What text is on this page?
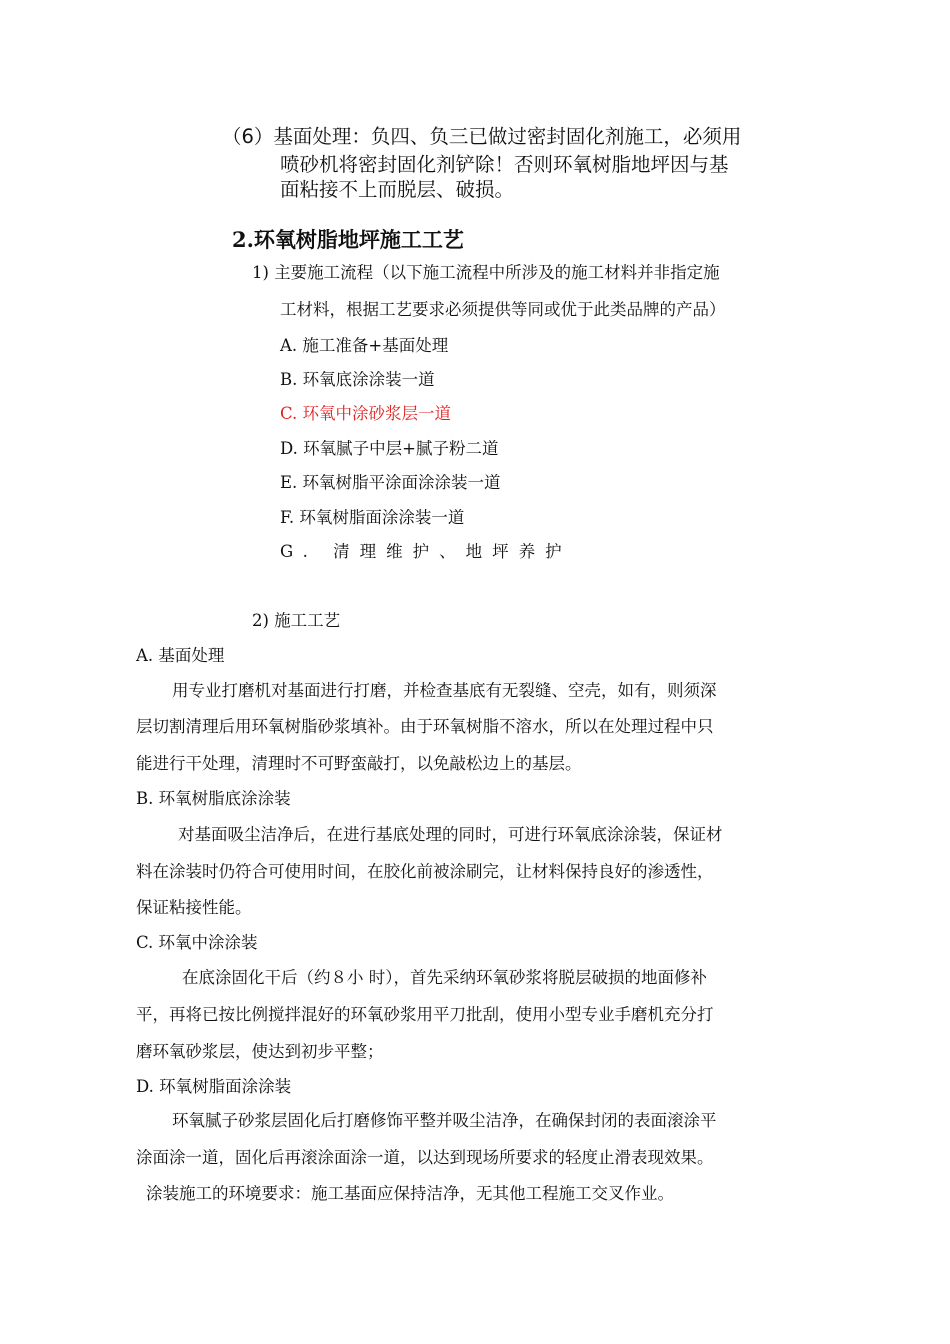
（6）基面处理：负四、负三已做过密封固化剂施工，必须用
喷砂机将密封固化剂铲除！否则环氧树脂地坪因与基
面粘接不上而脱层、破损。
2.环氧树脂地坪施工工艺
1) 主要施工流程（以下施工流程中所涉及的施工材料并非指定施
工材料，根据工艺要求必须提供等同或优于此类品牌的产品）
A. 施工准备+基面处理
B. 环氧底涂涂装一道
C. 环氧中涂砂浆层一道
D. 环氧腻子中层+腻子粉二道
E. 环氧树脂平涂面涂涂装一道
F. 环氧树脂面涂涂装一道
G. 清理维护、地坪养护
2) 施工工艺
A. 基面处理
用专业打磨机对基面进行打磨，并检查基底有无裂缝、空壳，如有，则须深
层切割清理后用环氧树脂砂浆填补。由于环氧树脂不溶水，所以在处理过程中只
能进行干处理，清理时不可野蛮敲打，以免敲松边上的基层。
B. 环氧树脂底涂涂装
对基面吸尘洁净后，在进行基底处理的同时，可进行环氧底涂涂装，保证材
料在涂装时仍符合可使用时间，在胶化前被涂刷完，让材料保持良好的渗透性，
保证粘接性能。
C. 环氧中涂涂装
在底涂固化干后（约８小 时），首先采纳环氧砂浆将脱层破损的地面修补
平，再将已按比例搅拌混好的环氧砂浆用平刀批刮，使用小型专业手磨机充分打
磨环氧砂浆层，使达到初步平整；
D. 环氧树脂面涂涂装
环氧腻子砂浆层固化后打磨修饰平整并吸尘洁净，在确保封闭的表面滚涂平
涂面涂一道，固化后再滚涂面涂一道，以达到现场所要求的轻度止滑表现效果。
涂装施工的环境要求：施工基面应保持洁净，无其他工程施工交叉作业。
